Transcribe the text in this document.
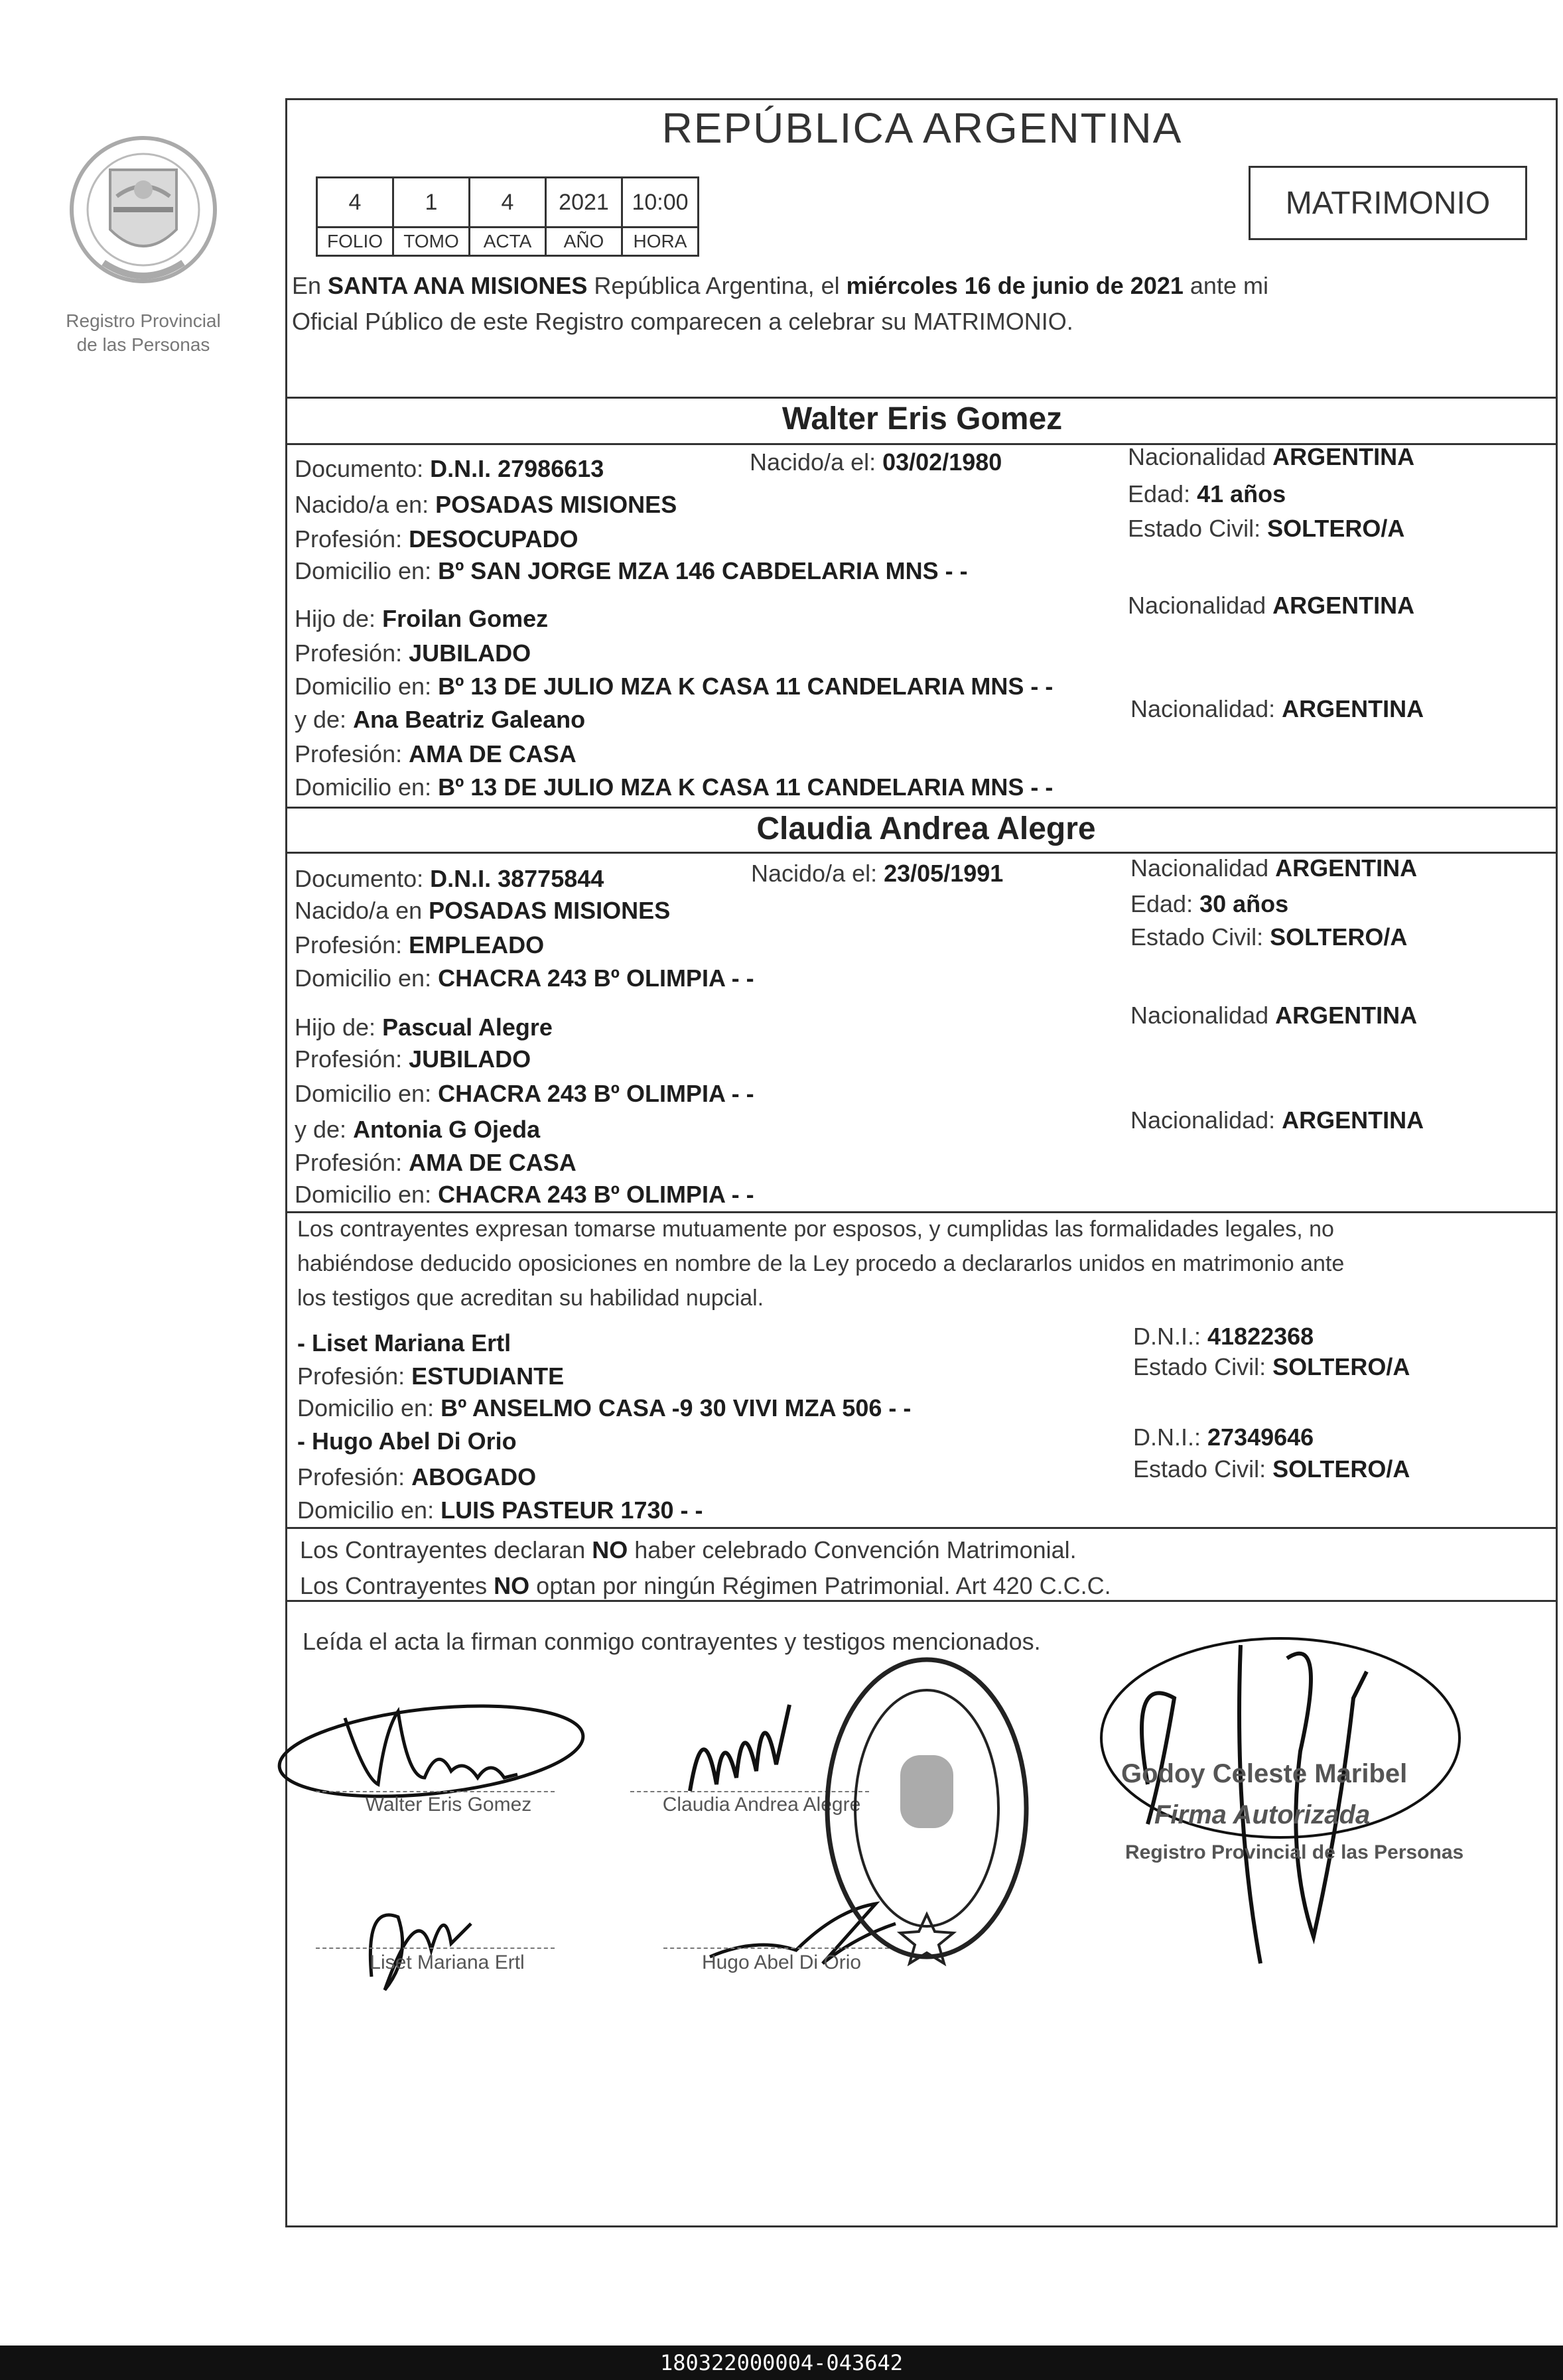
Registro Provincial
de las Personas
REPÚBLICA ARGENTINA
4	1	4	2021	10:00
FOLIO	TOMO	ACTA	AÑO	HORA
MATRIMONIO
En SANTA ANA MISIONES República Argentina, el miércoles 16 de junio de 2021 ante mi
Oficial Público de este Registro comparecen a celebrar su MATRIMONIO.
Walter Eris Gomez
Documento: D.N.I. 27986613	Nacido/a el: 03/02/1980	Nacionalidad ARGENTINA
Nacido/a en: POSADAS MISIONES	Edad: 41 años
Profesión: DESOCUPADO	Estado Civil: SOLTERO/A
Domicilio en: Bº SAN JORGE MZA 146 CABDELARIA MNS - -
Hijo de: Froilan Gomez	Nacionalidad ARGENTINA
Profesión: JUBILADO
Domicilio en: Bº 13 DE JULIO MZA K CASA 11 CANDELARIA MNS - -
y de: Ana Beatriz Galeano	Nacionalidad: ARGENTINA
Profesión: AMA DE CASA
Domicilio en: Bº 13 DE JULIO MZA K CASA 11 CANDELARIA MNS - -
Claudia Andrea Alegre
Documento: D.N.I. 38775844	Nacido/a el: 23/05/1991	Nacionalidad ARGENTINA
Nacido/a en POSADAS MISIONES	Edad: 30 años
Profesión: EMPLEADO	Estado Civil: SOLTERO/A
Domicilio en: CHACRA 243 Bº OLIMPIA - -
Hijo de: Pascual Alegre	Nacionalidad ARGENTINA
Profesión: JUBILADO
Domicilio en: CHACRA 243 Bº OLIMPIA - -
y de: Antonia G Ojeda	Nacionalidad: ARGENTINA
Profesión: AMA DE CASA
Domicilio en: CHACRA 243 Bº OLIMPIA - -
Los contrayentes expresan tomarse mutuamente por esposos, y cumplidas las formalidades legales, no
habiéndose deducido oposiciones en nombre de la Ley procedo a declararlos unidos en matrimonio ante
los testigos que acreditan su habilidad nupcial.
- Liset Mariana Ertl	D.N.I.: 41822368
Profesión: ESTUDIANTE	Estado Civil: SOLTERO/A
Domicilio en: Bº ANSELMO CASA -9 30 VIVI MZA 506 - -
- Hugo Abel Di Orio	D.N.I.: 27349646
Profesión: ABOGADO	Estado Civil: SOLTERO/A
Domicilio en: LUIS PASTEUR 1730 - -
Los Contrayentes declaran NO haber celebrado Convención Matrimonial.
Los Contrayentes NO optan por ningún Régimen Patrimonial. Art 420 C.C.C.
Leída el acta la firman conmigo contrayentes y testigos mencionados.
Walter Eris Gomez	Claudia Andrea Alegre
Liset Mariana Ertl	Hugo Abel Di Orio
Godoy Celeste Maribel
Firma Autorizada
Registro Provincial de las Personas
180322000004-043642
